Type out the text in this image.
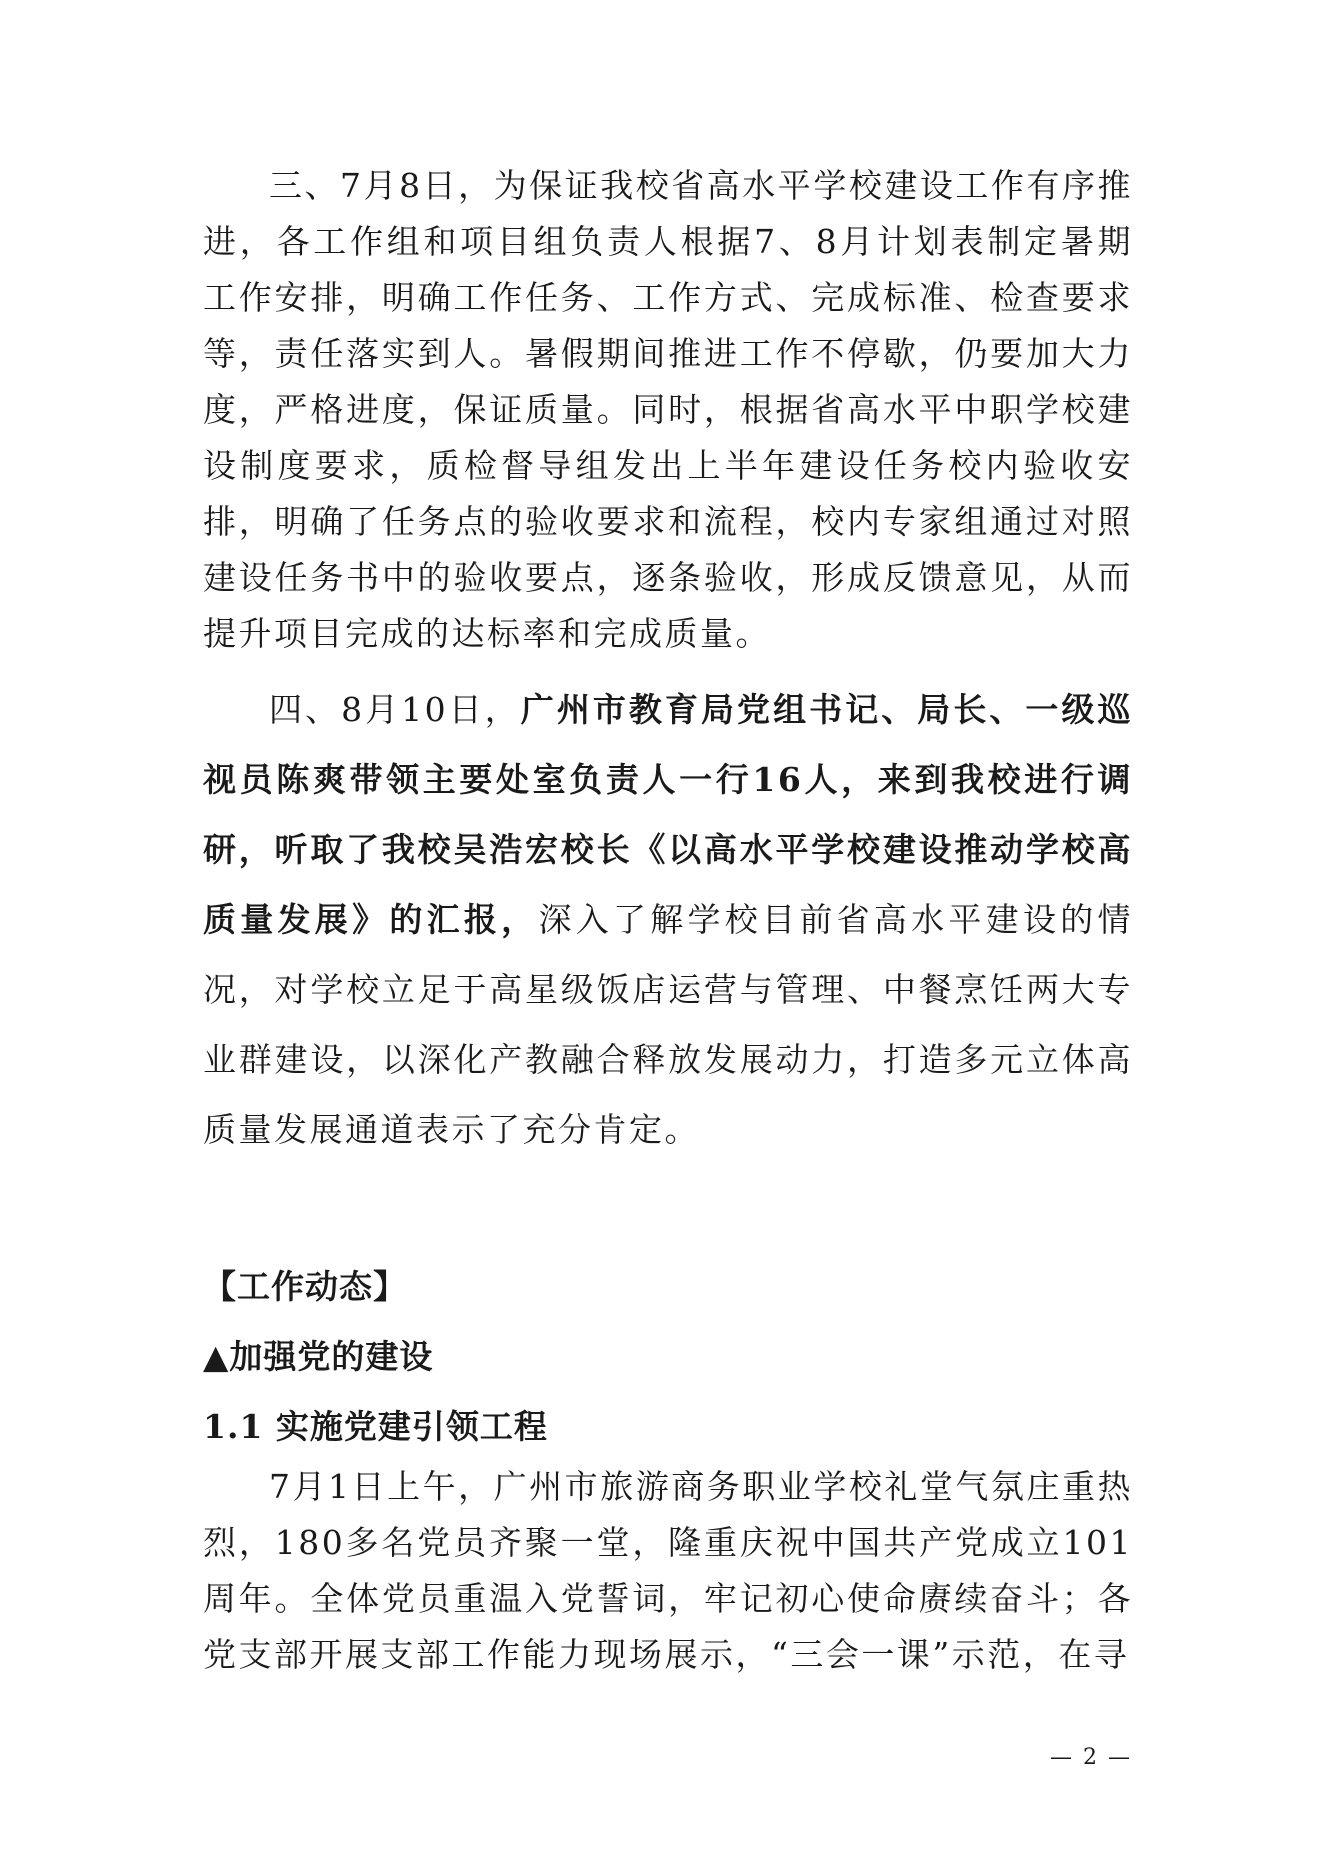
三、7月8日，为保证我校省高水平学校建设工作有序推进，各工作组和项目组负责人根据7、8月计划表制定暑期工作安排，明确工作任务、工作方式、完成标准、检查要求等，责任落实到人。暑假期间推进工作不停歇，仍要加大力度，严格进度，保证质量。同时，根据省高水平中职学校建设制度要求，质检督导组发出上半年建设任务校内验收安排，明确了任务点的验收要求和流程，校内专家组通过对照建设任务书中的验收要点，逐条验收，形成反馈意见，从而提升项目完成的达标率和完成质量。

四、8月10日，广州市教育局党组书记、局长、一级巡视员陈爽带领主要处室负责人一行16人，来到我校进行调研，听取了我校吴浩宏校长《以高水平学校建设推动学校高质量发展》的汇报，深入了解学校目前省高水平建设的情况，对学校立足于高星级饭店运营与管理、中餐烹饪两大专业群建设，以深化产教融合释放发展动力，打造多元立体高质量发展通道表示了充分肯定。

【工作动态】
▲加强党的建设
1.1 实施党建引领工程

7月1日上午，广州市旅游商务职业学校礼堂气氛庄重热烈，180多名党员齐聚一堂，隆重庆祝中国共产党成立101周年。全体党员重温入党誓词，牢记初心使命赓续奋斗；各党支部开展支部工作能力现场展示，“三会一课”示范，在寻

— 2 —
